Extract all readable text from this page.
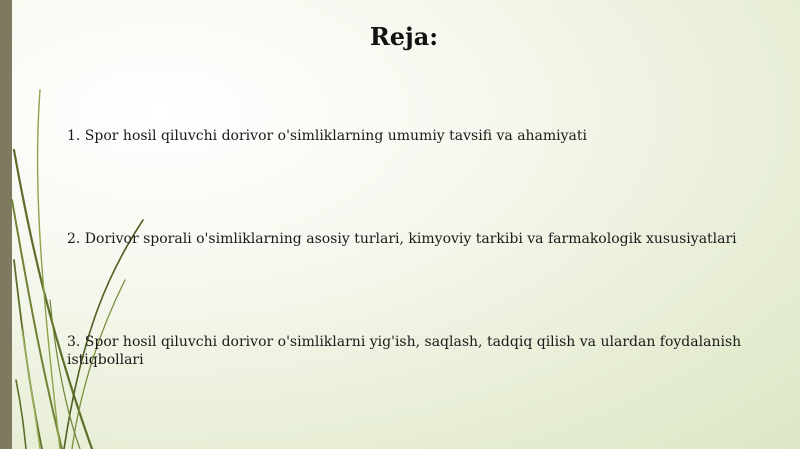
Reja:

1. Spor hosil qiluvchi dorivor o'simliklarning umumiy tavsifi va ahamiyati

2. Dorivor sporali o'simliklarning asosiy turlari, kimyoviy tarkibi va farmakologik xususiyatlari

3. Spor hosil qiluvchi dorivor o'simliklarni yig'ish, saqlash, tadqiq qilish va ulardan foydalanish istiqbollari
